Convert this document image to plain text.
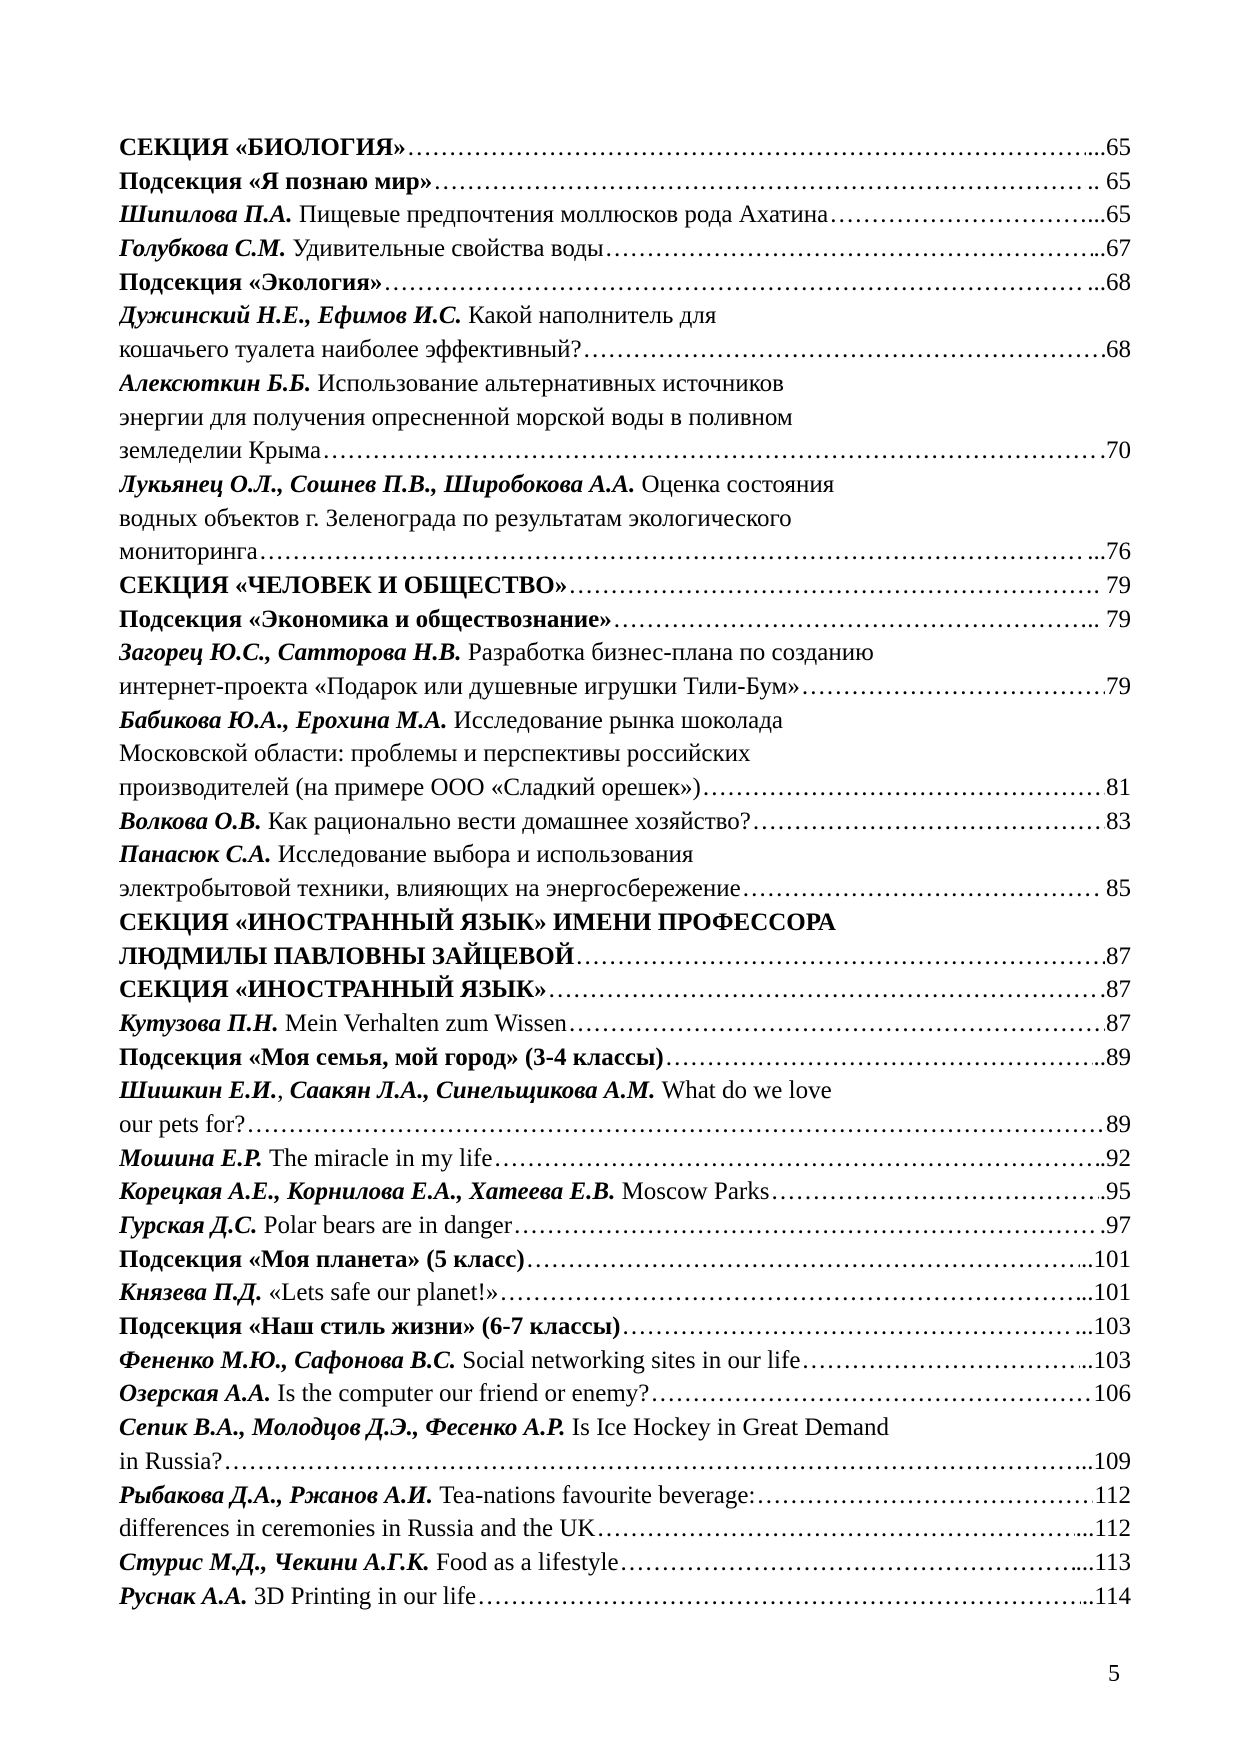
СЕКЦИЯ «БИОЛОГИЯ» ……………………………………………………………………………………………………………………………………………………………………………………………	...65
Подсекция «Я познаю мир» ……………………………………………………………………………………………………………………………………………………………………………………………	.. 65
Шипилова П.А. Пищевые предпочтения моллюсков рода Ахатина ……………………………………………………………………………………………………………………………………………………………………………………………	...65
Голубкова С.М. Удивительные свойства воды ……………………………………………………………………………………………………………………………………………………………………………………………	..67
Подсекция «Экология» ……………………………………………………………………………………………………………………………………………………………………………………………	...68
Дужинский Н.Е., Ефимов И.С. Какой наполнитель для
кошачьего туалета наиболее эффективный? ……………………………………………………………………………………………………………………………………………………………………………………………	68
Алексюткин Б.Б. Использование альтернативных источников
энергии для получения опресненной морской воды в поливном
земледелии Крыма ……………………………………………………………………………………………………………………………………………………………………………………………	.70
Лукьянец О.Л., Сошнев П.В., Широбокова А.А. Оценка состояния
водных объектов г. Зеленограда по результатам экологического
мониторинга ……………………………………………………………………………………………………………………………………………………………………………………………	...76
СЕКЦИЯ «ЧЕЛОВЕК И ОБЩЕСТВО» ……………………………………………………………………………………………………………………………………………………………………………………………	. 79
Подсекция «Экономика и обществознание» ……………………………………………………………………………………………………………………………………………………………………………………………	.. 79
Загорец Ю.С., Сатторова Н.В. Разработка бизнес-плана по созданию
интернет-проекта «Подарок или душевные игрушки Тили-Бум» ……………………………………………………………………………………………………………………………………………………………………………………………	79
Бабикова Ю.А., Ерохина М.А. Исследование рынка шоколада
Московской области: проблемы и перспективы российских
производителей (на примере ООО «Сладкий орешек») ……………………………………………………………………………………………………………………………………………………………………………………………	81
Волкова О.В. Как рационально вести домашнее хозяйство? ……………………………………………………………………………………………………………………………………………………………………………………………	83
Панасюк С.А. Исследование выбора и использования
электробытовой техники, влияющих на энергосбережение ……………………………………………………………………………………………………………………………………………………………………………………………	. 85
СЕКЦИЯ «ИНОСТРАННЫЙ ЯЗЫК» ИМЕНИ ПРОФЕССОРА
ЛЮДМИЛЫ ПАВЛОВНЫ ЗАЙЦЕВОЙ ……………………………………………………………………………………………………………………………………………………………………………………………	87
СЕКЦИЯ «ИНОСТРАННЫЙ ЯЗЫК» ……………………………………………………………………………………………………………………………………………………………………………………………	.87
Кутузова П.Н. Mein Verhalten zum Wissen ……………………………………………………………………………………………………………………………………………………………………………………………	87
Подсекция «Моя семья, мой город» (3-4 классы) ……………………………………………………………………………………………………………………………………………………………………………………………	..89
Шишкин Е.И., Саакян Л.А., Синельщикова А.М. What do we love
our pets for? ……………………………………………………………………………………………………………………………………………………………………………………………	89
Мошина Е.Р. The miracle in my life ……………………………………………………………………………………………………………………………………………………………………………………………	.92
Корецкая А.Е., Корнилова Е.А., Хатеева Е.В. Moscow Parks ……………………………………………………………………………………………………………………………………………………………………………………………	.95
Гурская Д.С. Polar bears are in danger ……………………………………………………………………………………………………………………………………………………………………………………………	.97
Подсекция «Моя планета» (5 класс) ……………………………………………………………………………………………………………………………………………………………………………………………	..101
Князева П.Д. «Lets safe our planet!» ……………………………………………………………………………………………………………………………………………………………………………………………	..101
Подсекция «Наш стиль жизни» (6-7 классы) ……………………………………………………………………………………………………………………………………………………………………………………………	...103
Фененко М.Ю., Сафонова В.С. Social networking sites in our life ……………………………………………………………………………………………………………………………………………………………………………………………	..103
Озерская А.А. Is the computer our friend or enemy? ……………………………………………………………………………………………………………………………………………………………………………………………	106
Сепик В.А., Молодцов Д.Э., Фесенко А.Р. Is Ice Hockey in Great Demand
in Russia? ……………………………………………………………………………………………………………………………………………………………………………………………	..109
Рыбакова Д.А., Ржанов А.И. Tea-nations favourite beverage: ……………………………………………………………………………………………………………………………………………………………………………………………	112
differences in ceremonies in Russia and the UK ……………………………………………………………………………………………………………………………………………………………………………………………	...112
Стурис М.Д., Чекини А.Г.К. Food as a lifestyle ……………………………………………………………………………………………………………………………………………………………………………………………	...113
Руснак А.А. 3D Printing in our life ……………………………………………………………………………………………………………………………………………………………………………………………	..114
5
